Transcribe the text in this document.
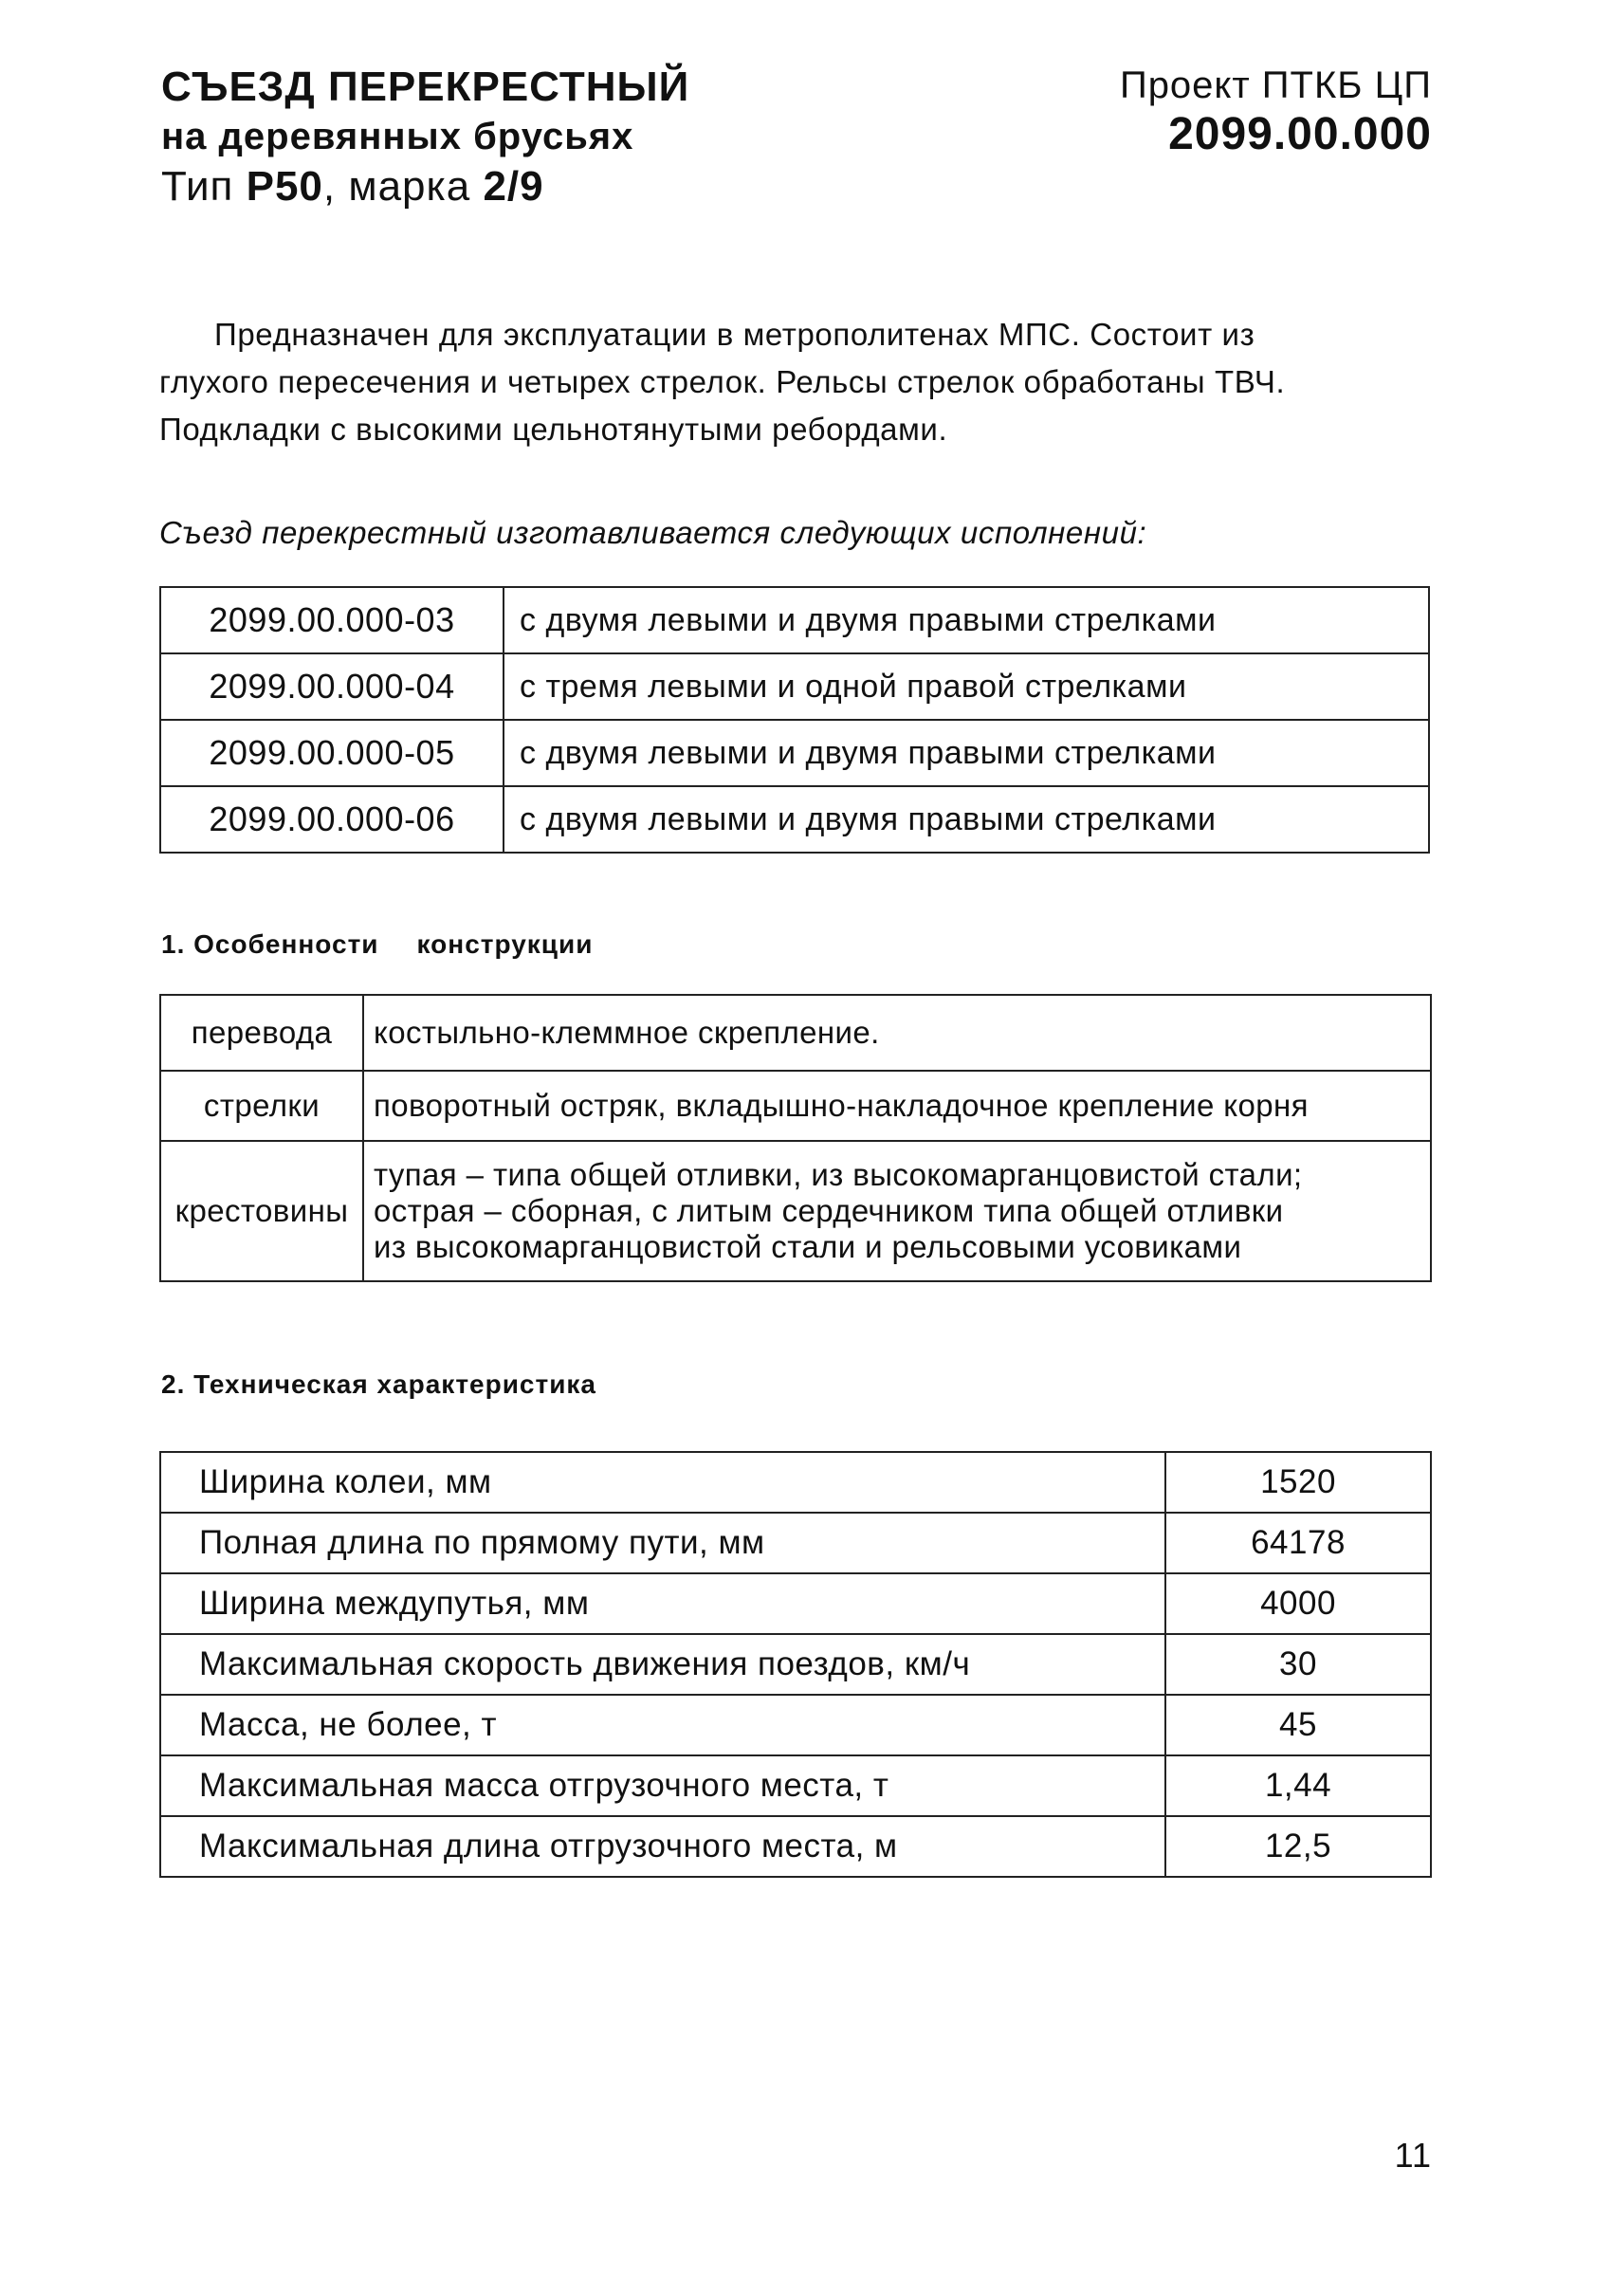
СЪЕЗД ПЕРЕКРЕСТНЫЙ
на деревянных брусьях
Тип Р50, марка 2/9
Проект ПТКБ ЦП
2099.00.000
Предназначен для эксплуатации в метрополитенах МПС. Состоит из
глухого пересечения и четырех стрелок. Рельсы стрелок обработаны ТВЧ.
Подкладки с высокими цельнотянутыми ребордами.
Съезд перекрестный изготавливается следующих исполнений:
2099.00.000-03	с двумя левыми и двумя правыми стрелками
2099.00.000-04	с тремя левыми и одной правой стрелками
2099.00.000-05	с двумя левыми и двумя правыми стрелками
2099.00.000-06	с двумя левыми и двумя правыми стрелками
1. Особенности конструкции
перевода	костыльно-клеммное скрепление.

стрелки	поворотный остряк, вкладышно-накладочное крепление корня

крестовины	тупая – типа общей отливки, из высокомарганцовистой стали;
острая – сборная, с литым сердечником типа общей отливки
из высокомарганцовистой стали и рельсовыми усовиками
2. Техническая характеристика
Ширина колеи, мм	1520
Полная длина по прямому пути, мм	64178
Ширина междупутья, мм	4000
Максимальная скорость движения поездов, км/ч	30
Масса, не более, т	45
Максимальная масса отгрузочного места, т	1,44
Максимальная длина отгрузочного места, м	12,5
11
